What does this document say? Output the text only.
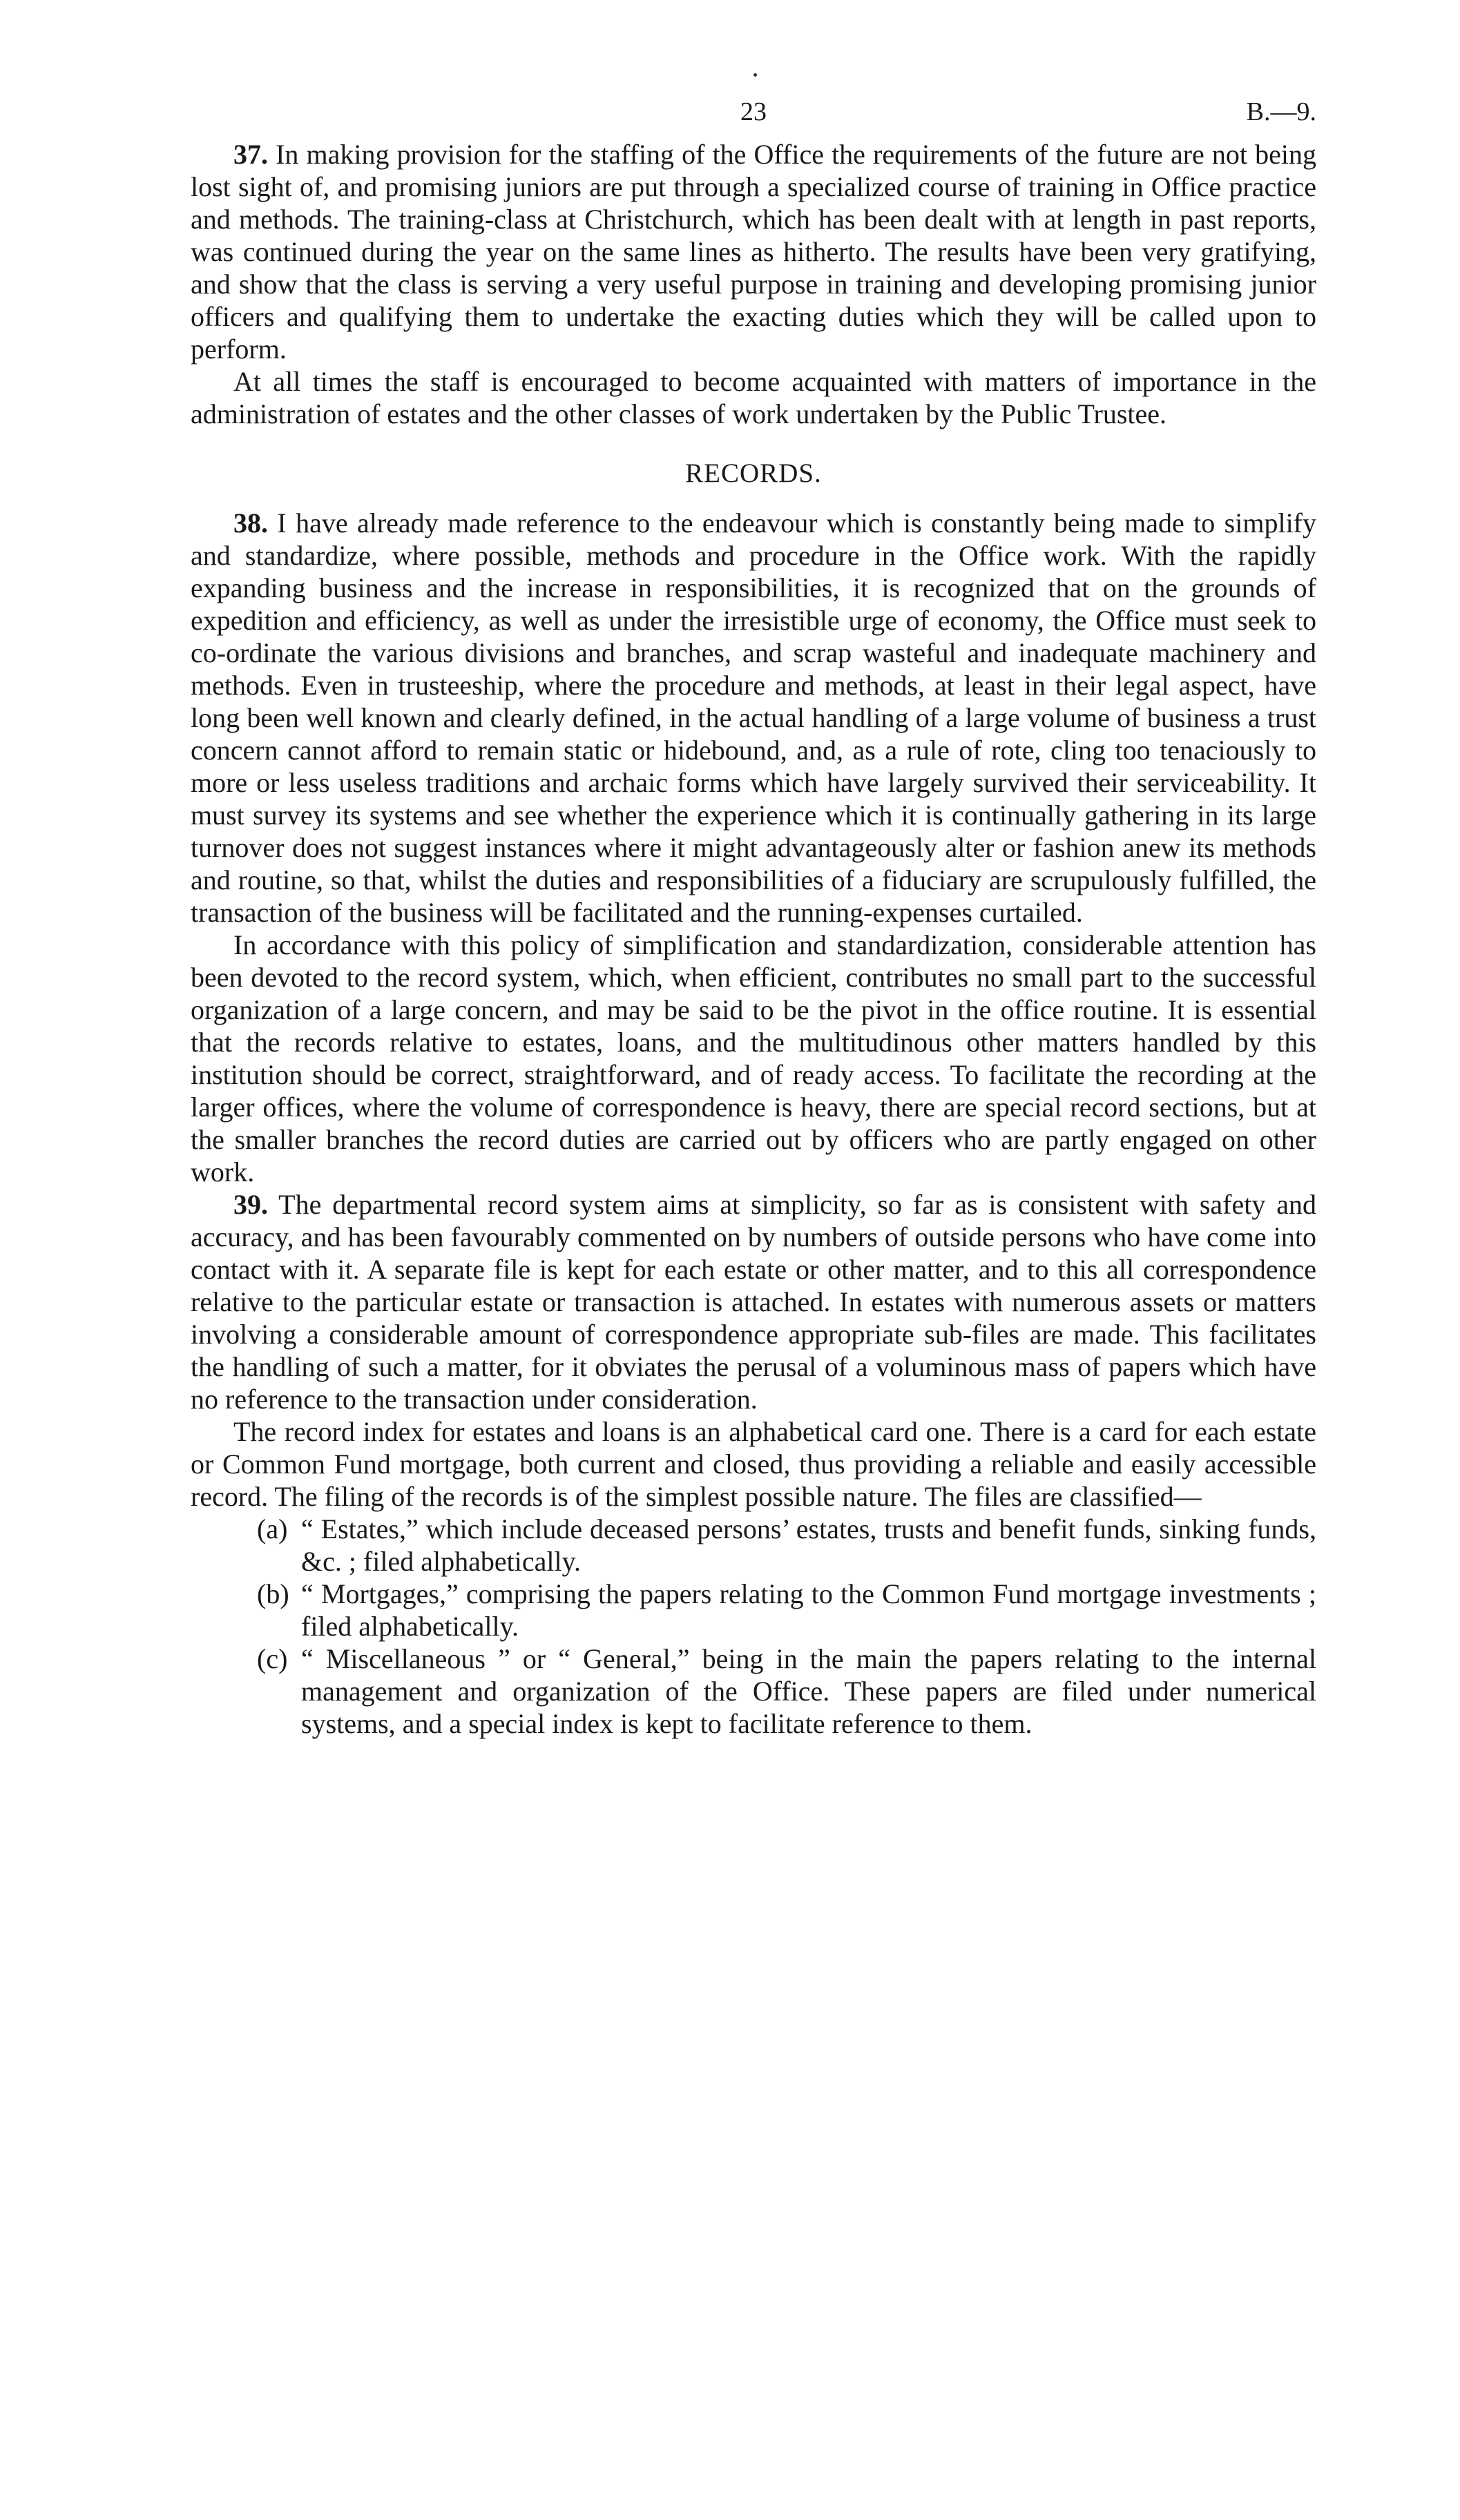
23	B.—9.

37. In making provision for the staffing of the Office the requirements of the future are not being lost sight of, and promising juniors are put through a specialized course of training in Office practice and methods. The training-class at Christchurch, which has been dealt with at length in past reports, was continued during the year on the same lines as hitherto. The results have been very gratifying, and show that the class is serving a very useful purpose in training and developing promising junior officers and qualifying them to undertake the exacting duties which they will be called upon to perform.

At all times the staff is encouraged to become acquainted with matters of importance in the administration of estates and the other classes of work undertaken by the Public Trustee.

RECORDS.

38. I have already made reference to the endeavour which is constantly being made to simplify and standardize, where possible, methods and procedure in the Office work. With the rapidly expanding business and the increase in responsibilities, it is recognized that on the grounds of expedition and efficiency, as well as under the irresistible urge of economy, the Office must seek to co-ordinate the various divisions and branches, and scrap wasteful and inadequate machinery and methods. Even in trusteeship, where the procedure and methods, at least in their legal aspect, have long been well known and clearly defined, in the actual handling of a large volume of business a trust concern cannot afford to remain static or hidebound, and, as a rule of rote, cling too tenaciously to more or less useless traditions and archaic forms which have largely survived their serviceability. It must survey its systems and see whether the experience which it is continually gathering in its large turnover does not suggest instances where it might advantageously alter or fashion anew its methods and routine, so that, whilst the duties and responsibilities of a fiduciary are scrupulously fulfilled, the transaction of the business will be facilitated and the running-expenses curtailed.

In accordance with this policy of simplification and standardization, considerable attention has been devoted to the record system, which, when efficient, contributes no small part to the successful organization of a large concern, and may be said to be the pivot in the office routine. It is essential that the records relative to estates, loans, and the multitudinous other matters handled by this institution should be correct, straightforward, and of ready access. To facilitate the recording at the larger offices, where the volume of correspondence is heavy, there are special record sections, but at the smaller branches the record duties are carried out by officers who are partly engaged on other work.

39. The departmental record system aims at simplicity, so far as is consistent with safety and accuracy, and has been favourably commented on by numbers of outside persons who have come into contact with it. A separate file is kept for each estate or other matter, and to this all correspondence relative to the particular estate or transaction is attached. In estates with numerous assets or matters involving a considerable amount of correspondence appropriate sub-files are made. This facilitates the handling of such a matter, for it obviates the perusal of a voluminous mass of papers which have no reference to the transaction under consideration.

The record index for estates and loans is an alphabetical card one. There is a card for each estate or Common Fund mortgage, both current and closed, thus providing a reliable and easily accessible record. The filing of the records is of the simplest possible nature. The files are classified—

(a) “ Estates,” which include deceased persons’ estates, trusts and benefit funds, sinking funds, &c. ; filed alphabetically.
(b) “ Mortgages,” comprising the papers relating to the Common Fund mortgage investments ; filed alphabetically.
(c) “ Miscellaneous ” or “ General,” being in the main the papers relating to the internal management and organization of the Office. These papers are filed under numerical systems, and a special index is kept to facilitate reference to them.
